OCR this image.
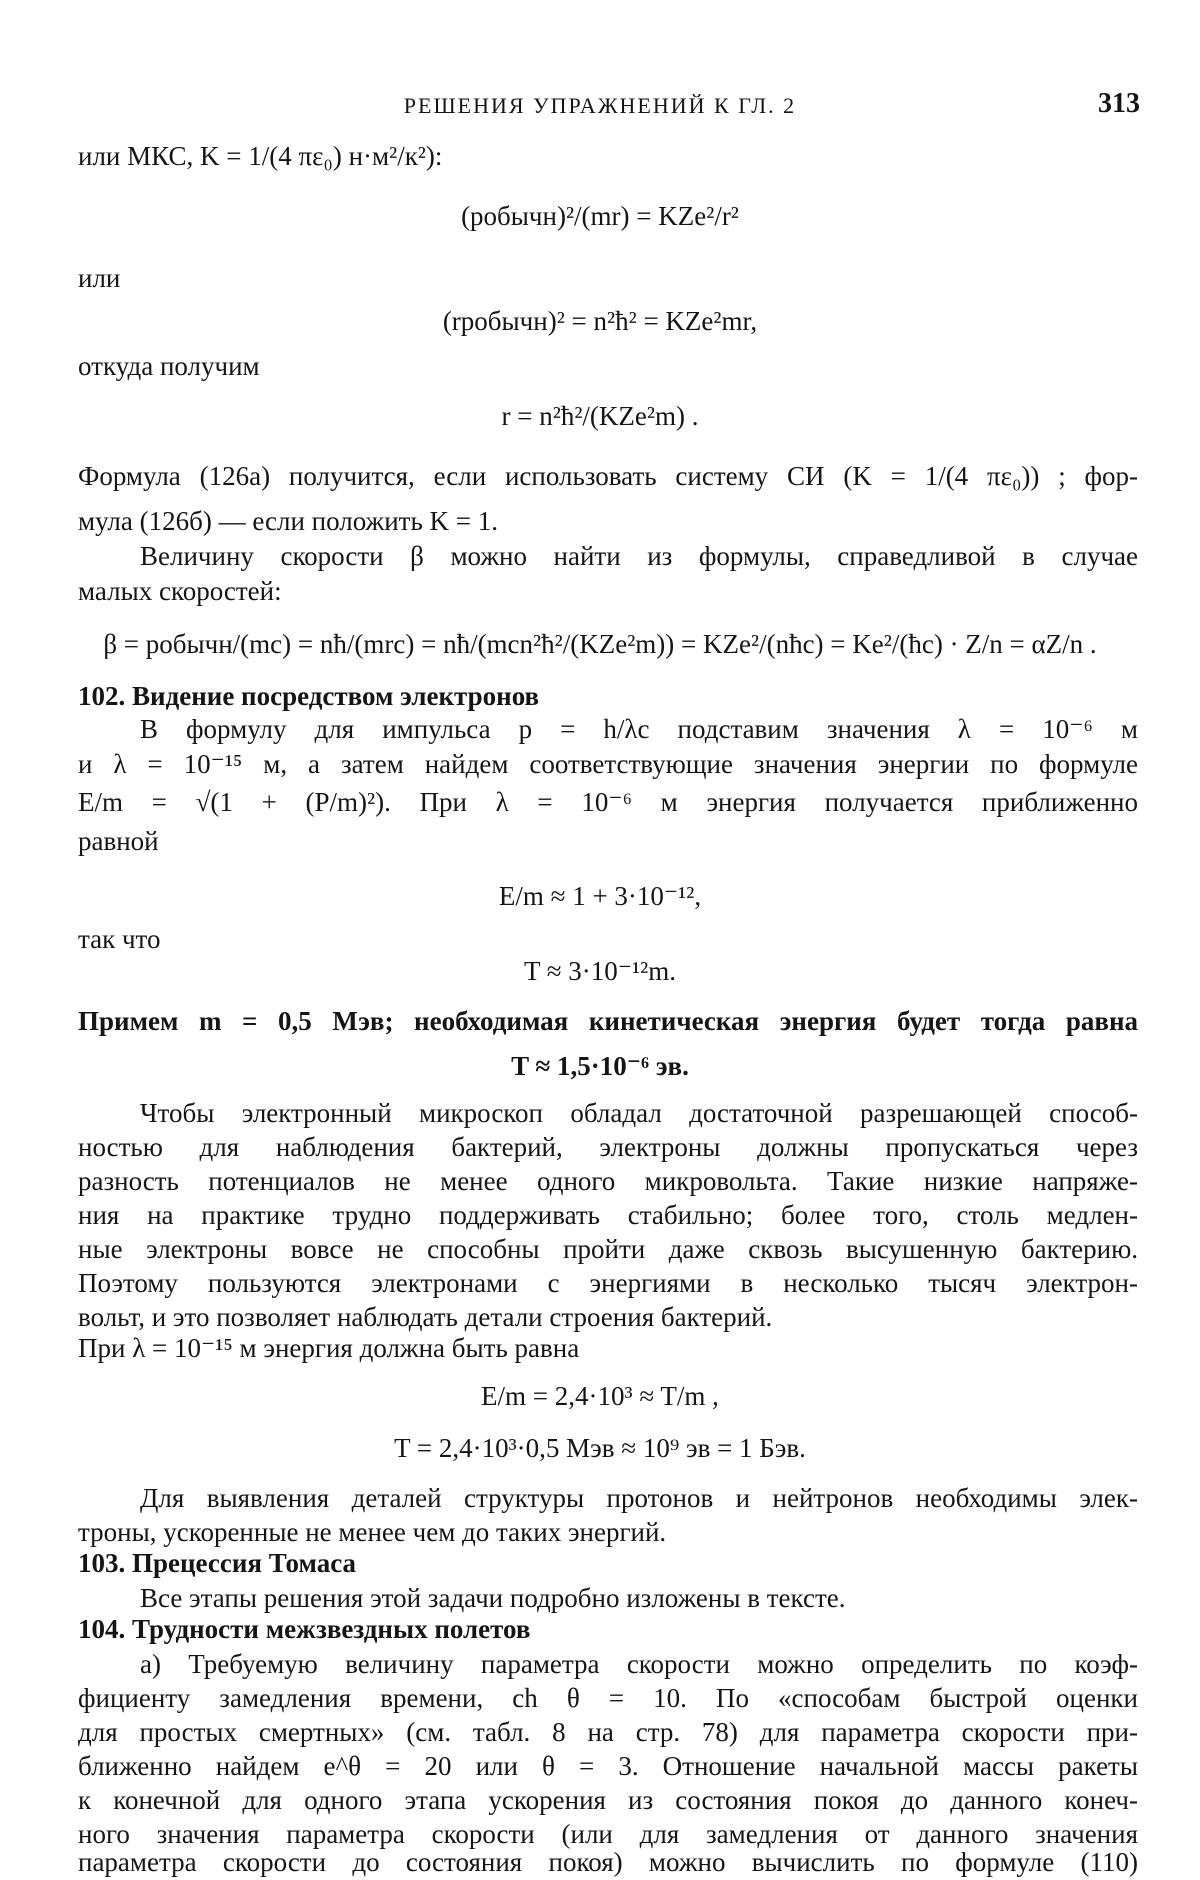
РЕШЕНИЯ УПРАЖНЕНИЙ К ГЛ. 2	313
или МКС, K = 1/(4 πε₀) н·м²/к²):
(pобычн)²/(mr) = KZe²/r²
или
(rpобычн)² = n²ħ² = KZe²mr,
откуда получим
r = n²ħ²/(KZe²m) .
Формула (126а) получится, если использовать систему СИ (K = 1/(4 πε₀)) ; фор-
мула (126б) — если положить K = 1.
Величину скорости β можно найти из формулы, справедливой в случае
малых скоростей:
β = pобычн/(mc) = nħ/(mrc) = nħ/(mcn²ħ²/(KZe²m)) = KZe²/(nħc) = Ke²/(ħc) · Z/n = αZ/n .
102. Видение посредством электронов
В формулу для импульса p = h/λc подставим значения λ = 10⁻⁶ м
и λ = 10⁻¹⁵ м, а затем найдем соответствующие значения энергии по формуле
E/m = √(1 + (P/m)²). При λ = 10⁻⁶ м энергия получается приближенно
равной
E/m ≈ 1 + 3·10⁻¹²,
так что
T ≈ 3·10⁻¹²m.
Примем m = 0,5 Мэв; необходимая кинетическая энергия будет тогда равна
T ≈ 1,5·10⁻⁶ эв.
Чтобы электронный микроскоп обладал достаточной разрешающей способ-
ностью для наблюдения бактерий, электроны должны пропускаться через
разность потенциалов не менее одного микровольта. Такие низкие напряже-
ния на практике трудно поддерживать стабильно; более того, столь медлен-
ные электроны вовсе не способны пройти даже сквозь высушенную бактерию.
Поэтому пользуются электронами с энергиями в несколько тысяч электрон-
вольт, и это позволяет наблюдать детали строения бактерий.
При λ = 10⁻¹⁵ м энергия должна быть равна
E/m = 2,4·10³ ≈ T/m ,
T = 2,4·10³·0,5 Мэв ≈ 10⁹ эв = 1 Бэв.
Для выявления деталей структуры протонов и нейтронов необходимы элек-
троны, ускоренные не менее чем до таких энергий.
103. Прецессия Томаса
Все этапы решения этой задачи подробно изложены в тексте.
104. Трудности межзвездных полетов
а) Требуемую величину параметра скорости можно определить по коэф-
фициенту замедления времени, ch θ = 10. По «способам быстрой оценки
для простых смертных» (см. табл. 8 на стр. 78) для параметра скорости при-
ближенно найдем e^θ = 20 или θ = 3. Отношение начальной массы ракеты
к конечной для одного этапа ускорения из состояния покоя до данного конеч-
ного значения параметра скорости (или для замедления от данного значения
параметра скорости до состояния покоя) можно вычислить по формуле (110)
